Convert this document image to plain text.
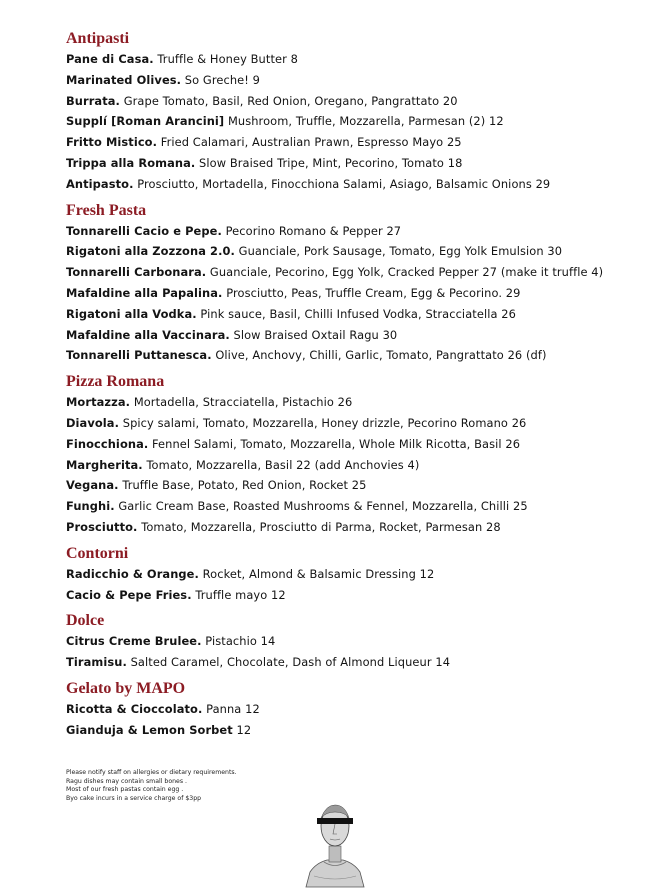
Antipasti
Pane di Casa. Truffle & Honey Butter 8
Marinated Olives. So Greche! 9
Burrata. Grape Tomato, Basil, Red Onion, Oregano, Pangrattato 20
Supplí [Roman Arancini] Mushroom, Truffle, Mozzarella, Parmesan (2) 12
Fritto Mistico. Fried Calamari, Australian Prawn, Espresso Mayo 25
Trippa alla Romana. Slow Braised Tripe, Mint, Pecorino, Tomato 18
Antipasto. Prosciutto, Mortadella, Finocchiona Salami, Asiago, Balsamic Onions 29
Fresh Pasta
Tonnarelli Cacio e Pepe. Pecorino Romano & Pepper 27
Rigatoni alla Zozzona 2.0. Guanciale, Pork Sausage, Tomato, Egg Yolk Emulsion 30
Tonnarelli Carbonara. Guanciale, Pecorino, Egg Yolk, Cracked Pepper 27 (make it truffle 4)
Mafaldine alla Papalina. Prosciutto, Peas, Truffle Cream, Egg & Pecorino. 29
Rigatoni alla Vodka. Pink sauce, Basil, Chilli Infused Vodka, Stracciatella 26
Mafaldine alla Vaccinara. Slow Braised Oxtail Ragu 30
Tonnarelli Puttanesca. Olive, Anchovy, Chilli, Garlic, Tomato, Pangrattato 26 (df)
Pizza Romana
Mortazza. Mortadella, Stracciatella, Pistachio 26
Diavola. Spicy salami, Tomato, Mozzarella, Honey drizzle, Pecorino Romano 26
Finocchiona. Fennel Salami, Tomato, Mozzarella, Whole Milk Ricotta, Basil 26
Margherita. Tomato, Mozzarella, Basil 22 (add Anchovies 4)
Vegana. Truffle Base, Potato, Red Onion, Rocket 25
Funghi. Garlic Cream Base, Roasted Mushrooms & Fennel, Mozzarella, Chilli 25
Prosciutto. Tomato, Mozzarella, Prosciutto di Parma, Rocket, Parmesan 28
Contorni
Radicchio & Orange. Rocket, Almond & Balsamic Dressing 12
Cacio & Pepe Fries. Truffle mayo 12
Dolce
Citrus Creme Brulee. Pistachio 14
Tiramisu. Salted Caramel, Chocolate, Dash of Almond Liqueur 14
Gelato by MAPO
Ricotta & Cioccolato. Panna 12
Gianduja & Lemon Sorbet 12
Please notify staff on allergies or dietary requirements.
Ragu dishes may contain small bones .
Most of our fresh pastas contain egg .
Byo cake incurs in a service charge of $3pp
